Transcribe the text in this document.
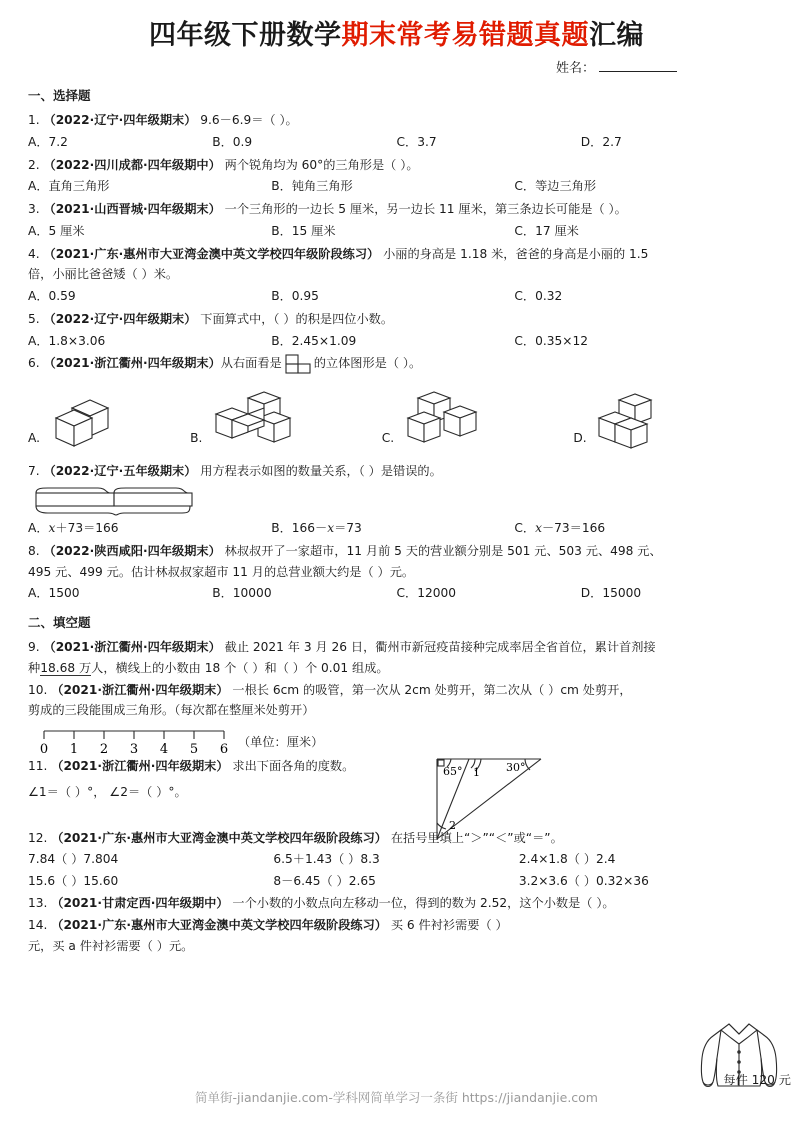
四年级下册数学期末常考易错题真题汇编
姓名：
一、选择题
1. （2022·辽宁·四年级期末） 9.6－6.9＝（ ）。
A．7.2	B．0.9	C．3.7	D．2.7
2. （2022·四川成都·四年级期中） 两个锐角均为 60°的三角形是（ ）。
A．直角三角形	B．钝角三角形	C．等边三角形
3. （2021·山西晋城·四年级期末） 一个三角形的一边长 5 厘米，另一边长 11 厘米，第三条边长可能是（ ）。
A．5 厘米	B．15 厘米	C．17 厘米
4. （2021·广东·惠州市大亚湾金澳中英文学校四年级阶段练习） 小丽的身高是 1.18 米，爸爸的身高是小丽的 1.5
倍，小丽比爸爸矮（ ）米。
A．0.59	B．0.95	C．0.32
5. （2022·辽宁·四年级期末） 下面算式中，（ ）的积是四位小数。
A．1.8×3.06	B．2.45×1.09	C．0.35×12
6.
（2021·浙江衢州·四年级期末） 从右面看是	的立体图形是（ ）。
A.	B.	C.	D.
7. （2022·辽宁·五年级期末） 用方程表示如图的数量关系，（ ）是错误的。
A．x＋73＝166	B．166－x＝73	C．x－73＝166
8. （2022·陕西咸阳·四年级期末） 林叔叔开了一家超市，11 月前 5 天的营业额分别是 501 元、503 元、498 元、
495 元、499 元。估计林叔叔家超市 11 月的总营业额大约是（ ）元。
A．1500	B．10000	C．12000	D．15000
二、填空题
9. （2021·浙江衢州·四年级期末） 截止 2021 年 3 月 26 日，衢州市新冠疫苗接种完成率居全省首位，累计首剂接
种18.68 万人，横线上的小数由 18 个（ ）和（ ）个 0.01 组成。
10. （2021·浙江衢州·四年级期末） 一根长 6cm 的吸管，第一次从 2cm 处剪开，第二次从（ ）cm 处剪开，
剪成的三段能围成三角形。（每次都在整厘米处剪开）
0 1 2 3 4 5 6 （单位：厘米）
11. （2021·浙江衢州·四年级期末） 求出下面各角的度数。
∠1＝（ ）°， ∠2＝（ ）°。
65° 1 30°
2
12. （2021·广东·惠州市大亚湾金澳中英文学校四年级阶段练习） 在括号里填上“＞”“＜”或“＝”。
7.84（ ）7.804	6.5＋1.43（ ）8.3	2.4×1.8（ ）2.4
15.6（ ）15.60	8－6.45（ ）2.65	3.2×3.6（ ）0.32×36
13. （2021·甘肃定西·四年级期中） 一个小数的小数点向左移动一位，得到的数为 2.52，这个小数是（ ）。
14. （2021·广东·惠州市大亚湾金澳中英文学校四年级阶段练习） 买 6 件衬衫需要（ ）
元，买 a 件衬衫需要（ ）元。
每件 120 元
简单街-jiandanjie.com-学科网简单学习一条街 https://jiandanjie.com
